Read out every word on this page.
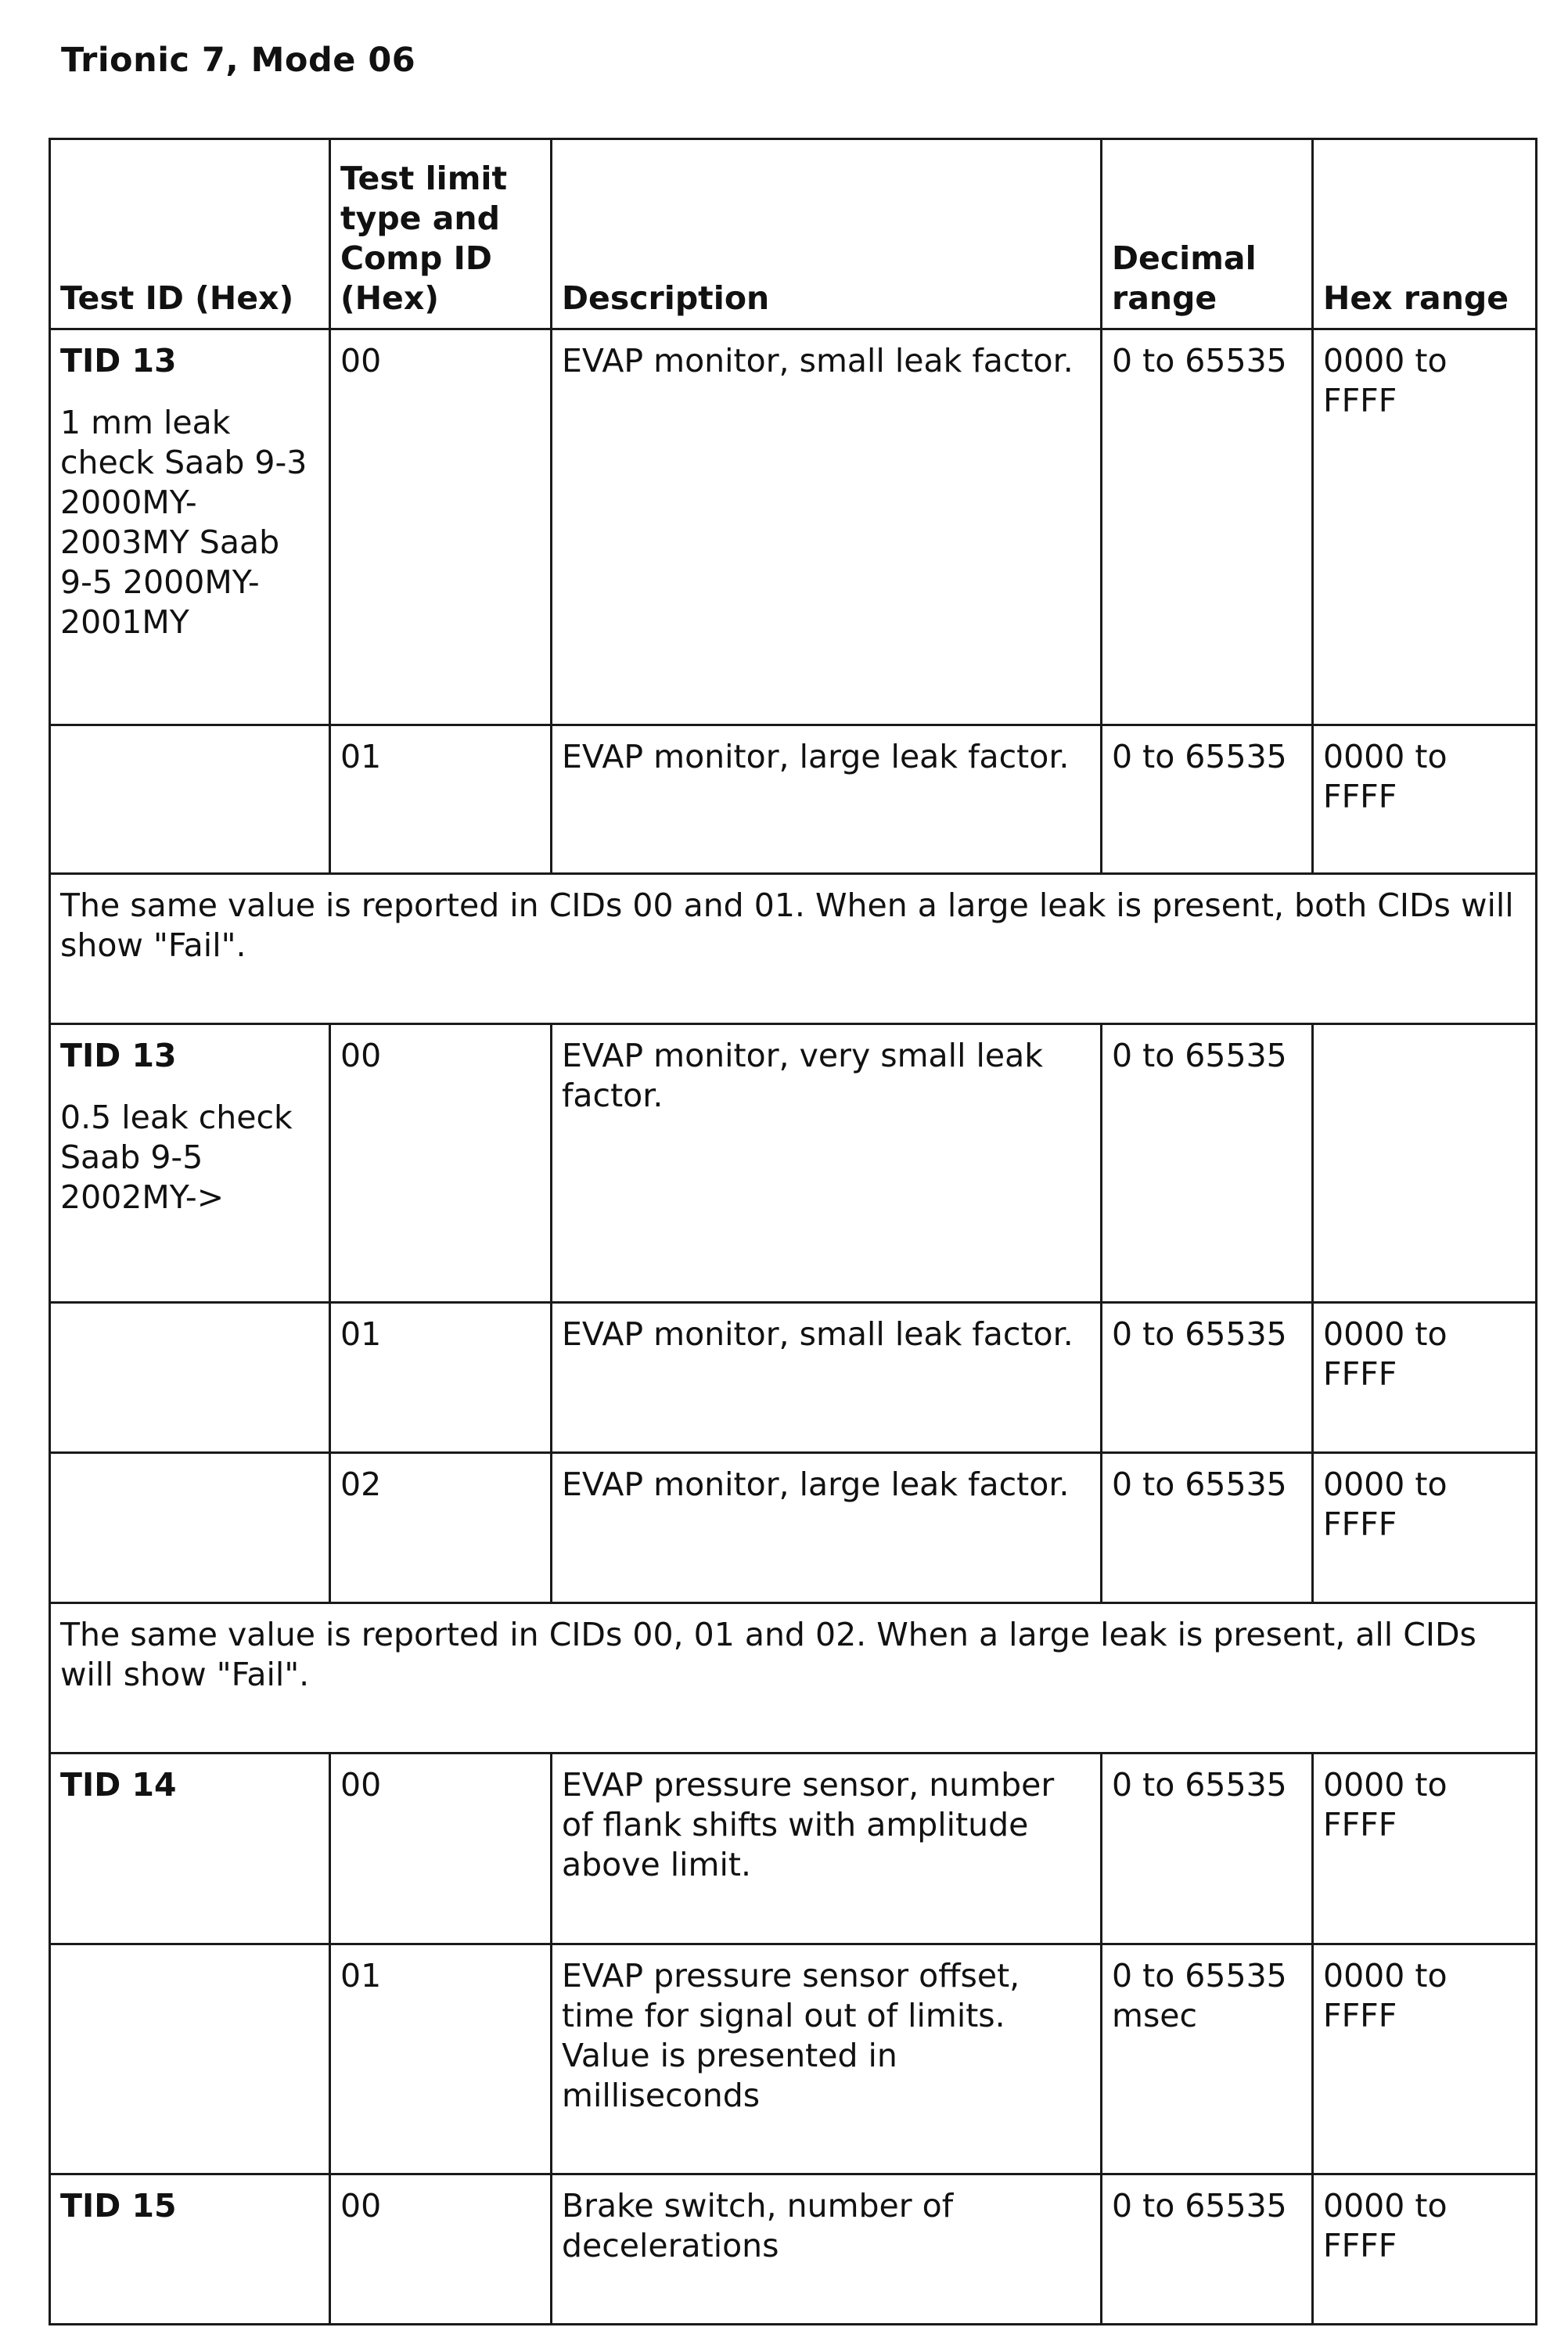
Trionic 7, Mode 06
Test ID (Hex)	Test limit type and Comp ID (Hex)	Description	Decimal range	Hex range

TID 13
1 mm leak check Saab 9-3 2000MY-2003MY Saab 9-5 2000MY-2001MY	00	EVAP monitor, small leak factor.	0 to 65535	0000 to FFFF
	01	EVAP monitor, large leak factor.	0 to 65535	0000 to FFFF
The same value is reported in CIDs 00 and 01. When a large leak is present, both CIDs will show "Fail".				

TID 13
0.5 leak check Saab 9-5 2002MY->	00	EVAP monitor, very small leak factor.	0 to 65535	
	01	EVAP monitor, small leak factor.	0 to 65535	0000 to FFFF
	02	EVAP monitor, large leak factor.	0 to 65535	0000 to FFFF
The same value is reported in CIDs 00, 01 and 02. When a large leak is present, all CIDs will show "Fail".				

TID 14	00	EVAP pressure sensor, number of flank shifts with amplitude above limit.	0 to 65535	0000 to FFFF
	01	EVAP pressure sensor offset, time for signal out of limits. Value is presented in milliseconds	0 to 65535 msec	0000 to FFFF

TID 15	00	Brake switch, number of decelerations	0 to 65535	0000 to FFFF
